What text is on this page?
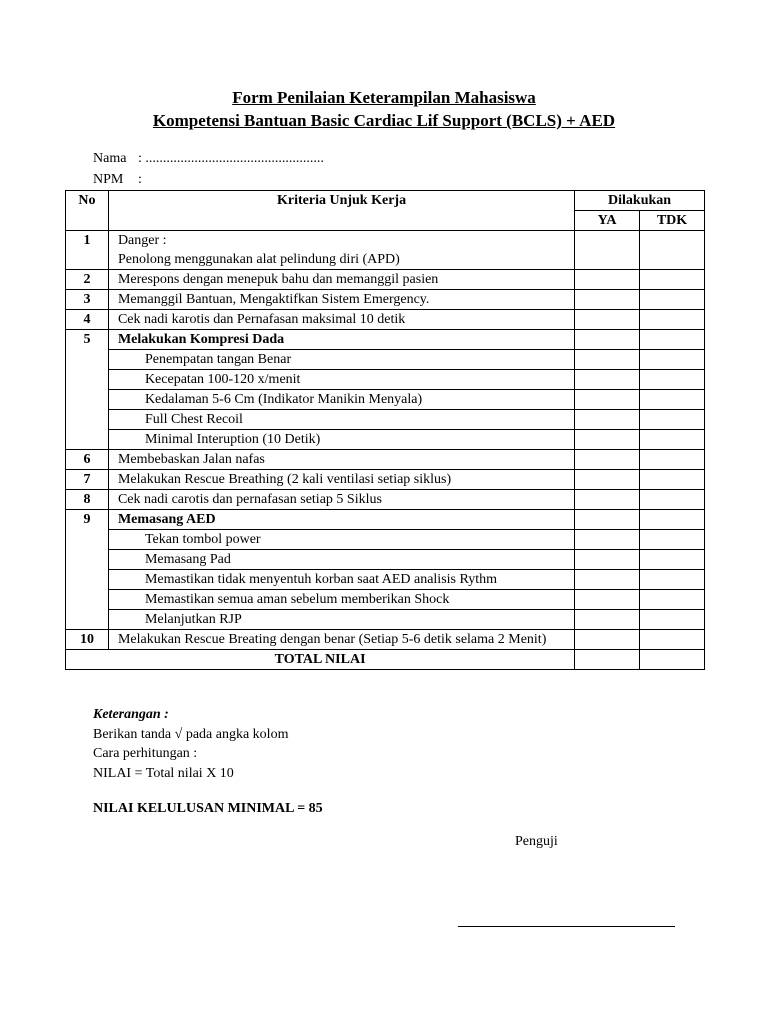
Form Penilaian Keterampilan Mahasiswa
Kompetensi Bantuan Basic Cardiac Lif Support (BCLS) + AED
Nama : ...................................................
NPM :
No	Kriteria Unjuk Kerja	Dilakukan	
		YA	TDK
1	Danger :		
	Penolong menggunakan alat pelindung diri (APD)		
2	Merespons dengan menepuk bahu dan memanggil pasien		
3	Memanggil Bantuan, Mengaktifkan Sistem Emergency.		
4	Cek nadi karotis dan Pernafasan maksimal 10 detik		
5	Melakukan Kompresi Dada		
	Penempatan tangan Benar		
	Kecepatan 100-120 x/menit		
	Kedalaman 5-6 Cm (Indikator Manikin Menyala)		
	Full Chest Recoil		
	Minimal Interuption (10 Detik)		
6	Membebaskan Jalan nafas		
7	Melakukan Rescue Breathing (2 kali ventilasi setiap siklus)		
8	Cek nadi carotis dan pernafasan setiap 5 Siklus		
9	Memasang AED		
	Tekan tombol power		
	Memasang Pad		
	Memastikan tidak menyentuh korban saat AED analisis Rythm		
	Memastikan semua aman sebelum memberikan Shock		
	Melanjutkan RJP		
10	Melakukan Rescue Breating dengan benar (Setiap 5-6 detik selama 2 Menit)		
TOTAL NILAI			
Keterangan :
Berikan tanda √ pada angka kolom
Cara perhitungan :
NILAI = Total nilai X 10
NILAI KELULUSAN MINIMAL = 85
Penguji
